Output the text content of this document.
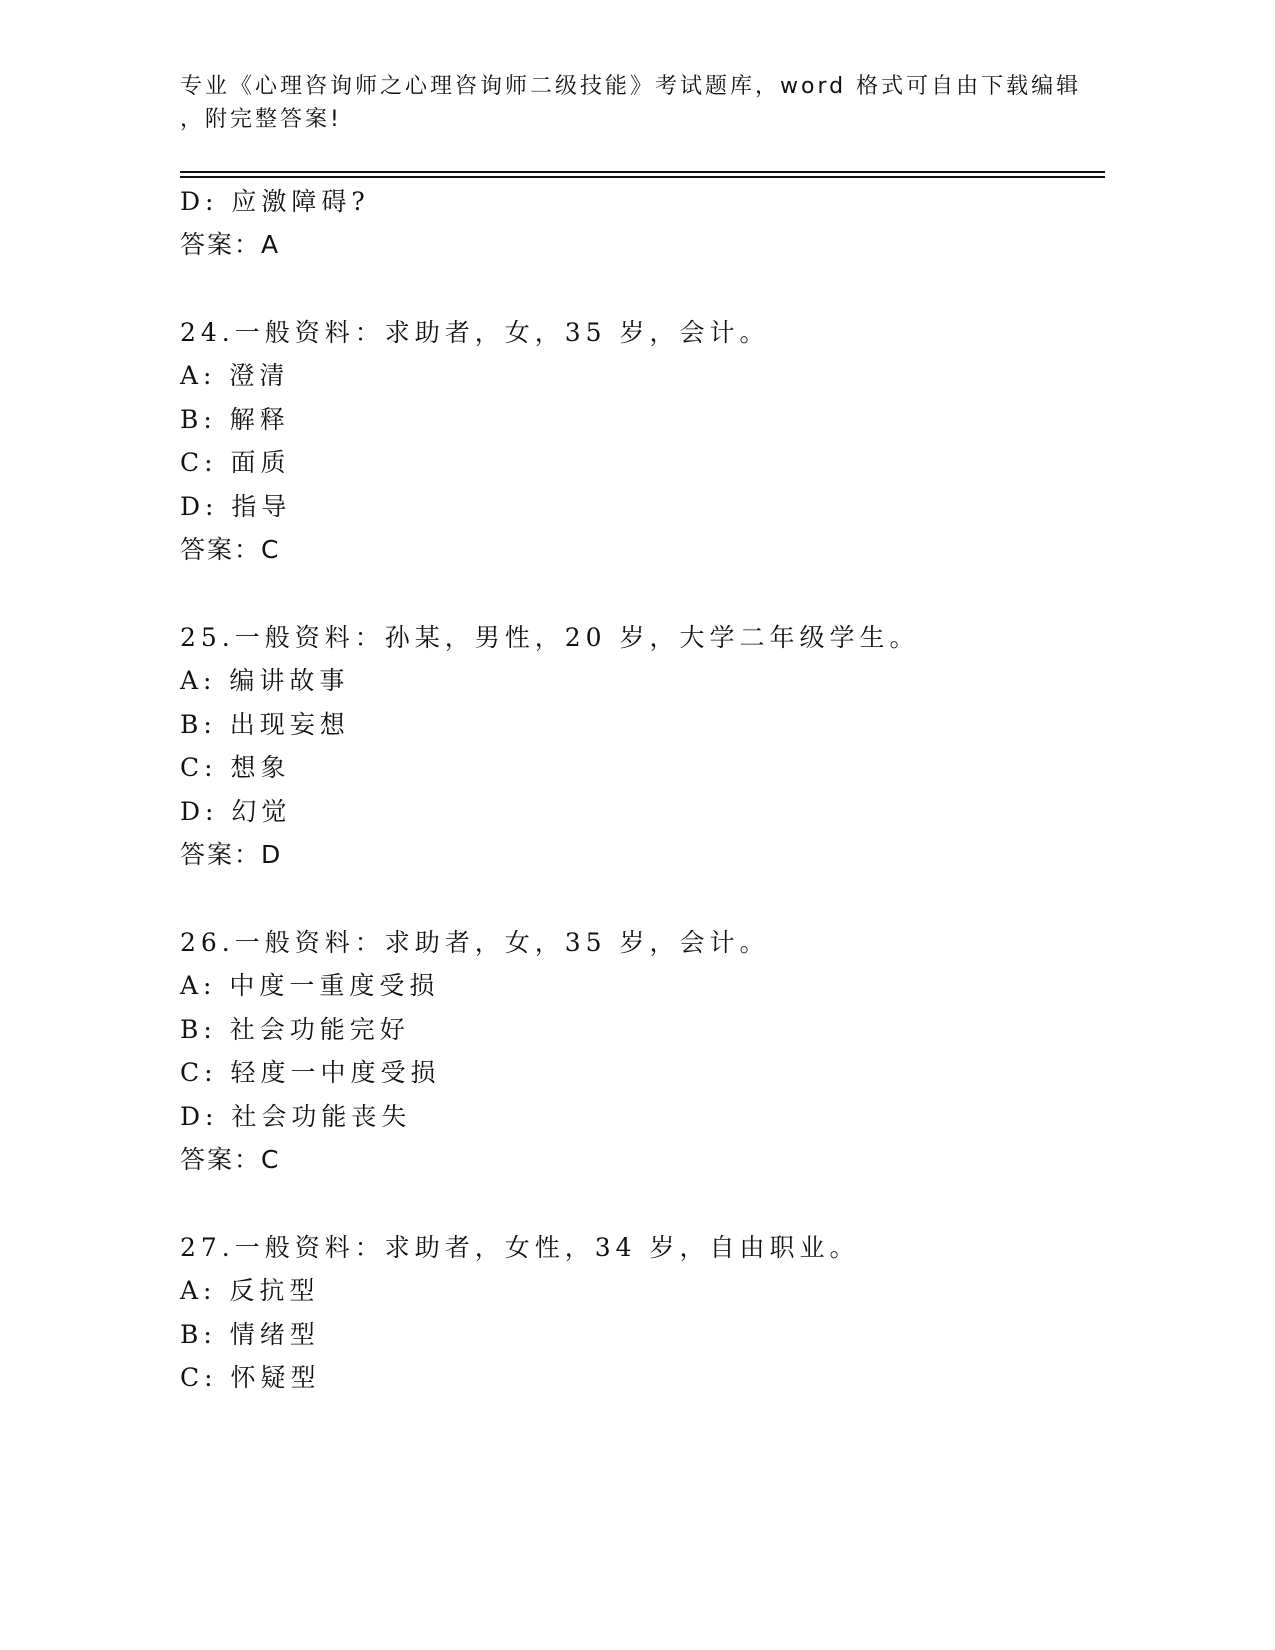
专业《心理咨询师之心理咨询师二级技能》考试题库，word 格式可自由下载编辑
，附完整答案!
D: 应激障碍?
答案：A
24.一般资料：求助者，女，35 岁，会计。
A: 澄清
B: 解释
C: 面质
D: 指导
答案：C
25.一般资料：孙某，男性，20 岁，大学二年级学生。
A: 编讲故事
B: 出现妄想
C: 想象
D: 幻觉
答案：D
26.一般资料：求助者，女，35 岁，会计。
A: 中度一重度受损
B: 社会功能完好
C: 轻度一中度受损
D: 社会功能丧失
答案：C
27.一般资料：求助者，女性，34 岁，自由职业。
A: 反抗型
B: 情绪型
C: 怀疑型
